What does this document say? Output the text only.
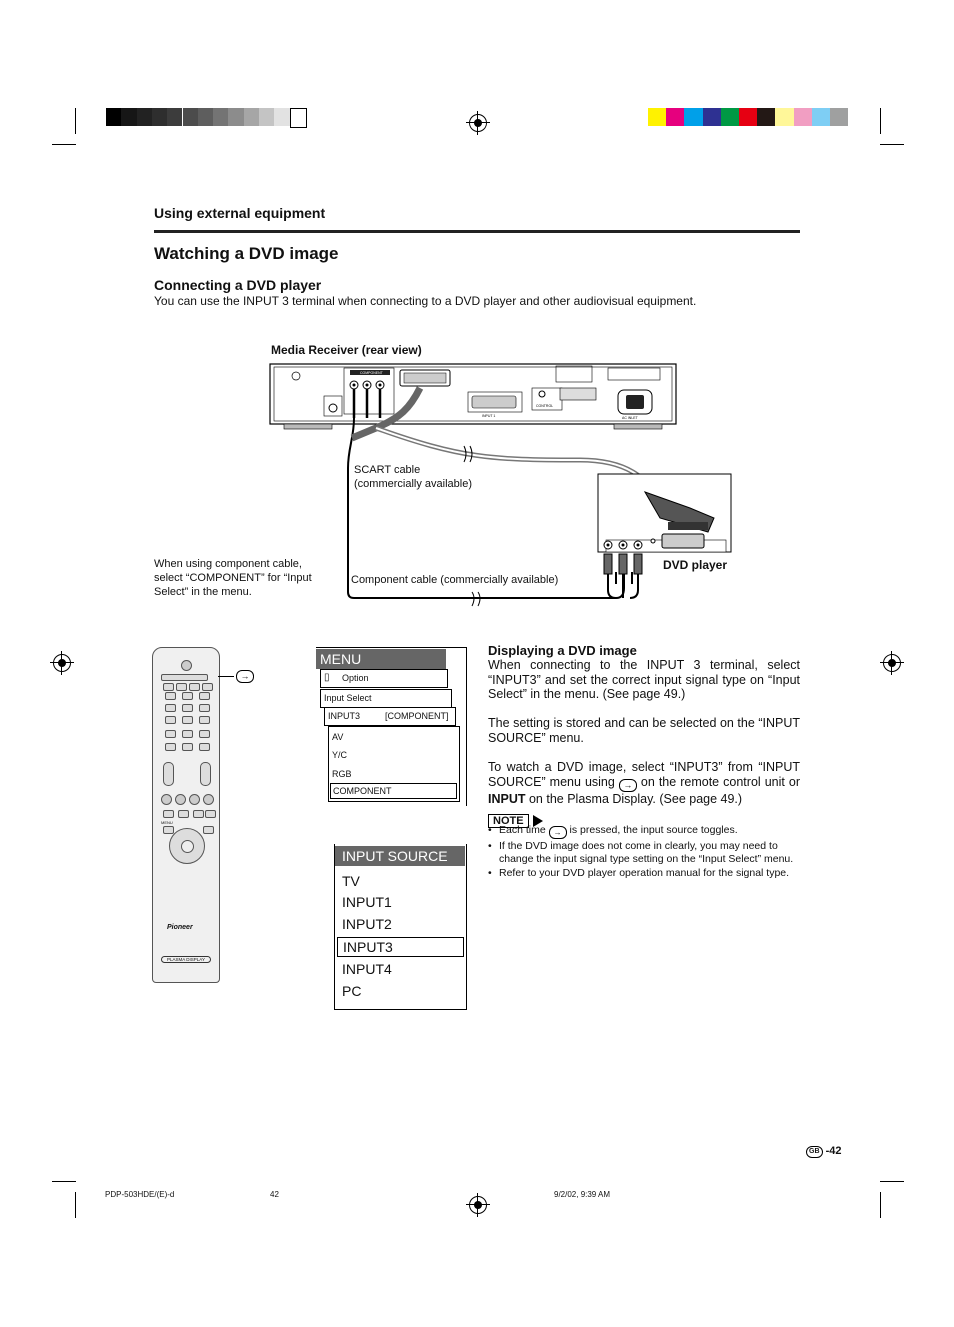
Using external equipment
Watching a DVD image
Connecting a DVD player
You can use the INPUT 3 terminal when connecting to a DVD player and other audiovisual equipment.
Media Receiver (rear view)
COMPONENT
INPUT 1
CONTROL
AC INLET
SCART cable
(commercially available)
DVD player
Component cable (commercially available)
When using component cable,
select “COMPONENT” for “Input
Select” in the menu.
MENU
Pioneer
PLASMA DISPLAY
→
MENU
▯ Option
Input Select
INPUT3	[COMPONENT]
AV
Y/C
RGB
COMPONENT
INPUT SOURCE
TV
INPUT1
INPUT2
INPUT3
INPUT4
PC
Displaying a DVD image
When connecting to the INPUT 3 terminal, select “INPUT3” and set the correct input signal type on “Input Select” in the menu. (See page 49.)
The setting is stored and can be selected on the “INPUT SOURCE” menu.
To watch a DVD image, select “INPUT3” from “INPUT SOURCE” menu using → on the remote control unit or INPUT on the Plasma Display. (See page 49.)
NOTE
• Each time → is pressed, the input source toggles.
• If the DVD image does not come in clearly, you may need to change the input signal type setting on the “Input Select” menu.
• Refer to your DVD player operation manual for the signal type.
GB -42
PDP-503HDE/(E)-d	42	9/2/02, 9:39 AM
